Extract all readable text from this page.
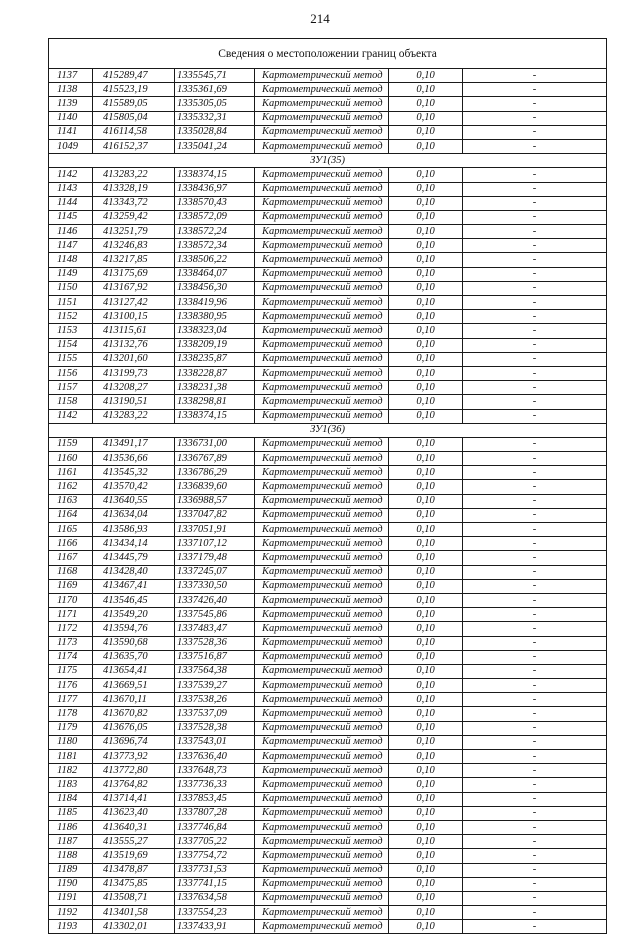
214
Сведения о местоположении границ объекта					
1137	415289,47	1335545,71	Картометрический метод	0,10	-
1138	415523,19	1335361,69	Картометрический метод	0,10	-
1139	415589,05	1335305,05	Картометрический метод	0,10	-
1140	415805,04	1335332,31	Картометрический метод	0,10	-
1141	416114,58	1335028,84	Картометрический метод	0,10	-
1049	416152,37	1335041,24	Картометрический метод	0,10	-
ЗУ1(35)					
1142	413283,22	1338374,15	Картометрический метод	0,10	-
1143	413328,19	1338436,97	Картометрический метод	0,10	-
1144	413343,72	1338570,43	Картометрический метод	0,10	-
1145	413259,42	1338572,09	Картометрический метод	0,10	-
1146	413251,79	1338572,24	Картометрический метод	0,10	-
1147	413246,83	1338572,34	Картометрический метод	0,10	-
1148	413217,85	1338506,22	Картометрический метод	0,10	-
1149	413175,69	1338464,07	Картометрический метод	0,10	-
1150	413167,92	1338456,30	Картометрический метод	0,10	-
1151	413127,42	1338419,96	Картометрический метод	0,10	-
1152	413100,15	1338380,95	Картометрический метод	0,10	-
1153	413115,61	1338323,04	Картометрический метод	0,10	-
1154	413132,76	1338209,19	Картометрический метод	0,10	-
1155	413201,60	1338235,87	Картометрический метод	0,10	-
1156	413199,73	1338228,87	Картометрический метод	0,10	-
1157	413208,27	1338231,38	Картометрический метод	0,10	-
1158	413190,51	1338298,81	Картометрический метод	0,10	-
1142	413283,22	1338374,15	Картометрический метод	0,10	-
ЗУ1(36)					
1159	413491,17	1336731,00	Картометрический метод	0,10	-
1160	413536,66	1336767,89	Картометрический метод	0,10	-
1161	413545,32	1336786,29	Картометрический метод	0,10	-
1162	413570,42	1336839,60	Картометрический метод	0,10	-
1163	413640,55	1336988,57	Картометрический метод	0,10	-
1164	413634,04	1337047,82	Картометрический метод	0,10	-
1165	413586,93	1337051,91	Картометрический метод	0,10	-
1166	413434,14	1337107,12	Картометрический метод	0,10	-
1167	413445,79	1337179,48	Картометрический метод	0,10	-
1168	413428,40	1337245,07	Картометрический метод	0,10	-
1169	413467,41	1337330,50	Картометрический метод	0,10	-
1170	413546,45	1337426,40	Картометрический метод	0,10	-
1171	413549,20	1337545,86	Картометрический метод	0,10	-
1172	413594,76	1337483,47	Картометрический метод	0,10	-
1173	413590,68	1337528,36	Картометрический метод	0,10	-
1174	413635,70	1337516,87	Картометрический метод	0,10	-
1175	413654,41	1337564,38	Картометрический метод	0,10	-
1176	413669,51	1337539,27	Картометрический метод	0,10	-
1177	413670,11	1337538,26	Картометрический метод	0,10	-
1178	413670,82	1337537,09	Картометрический метод	0,10	-
1179	413676,05	1337528,38	Картометрический метод	0,10	-
1180	413696,74	1337543,01	Картометрический метод	0,10	-
1181	413773,92	1337636,40	Картометрический метод	0,10	-
1182	413772,80	1337648,73	Картометрический метод	0,10	-
1183	413764,82	1337736,33	Картометрический метод	0,10	-
1184	413714,41	1337853,45	Картометрический метод	0,10	-
1185	413623,40	1337807,28	Картометрический метод	0,10	-
1186	413640,31	1337746,84	Картометрический метод	0,10	-
1187	413555,27	1337705,22	Картометрический метод	0,10	-
1188	413519,69	1337754,72	Картометрический метод	0,10	-
1189	413478,87	1337731,53	Картометрический метод	0,10	-
1190	413475,85	1337741,15	Картометрический метод	0,10	-
1191	413508,71	1337634,58	Картометрический метод	0,10	-
1192	413401,58	1337554,23	Картометрический метод	0,10	-
1193	413302,01	1337433,91	Картометрический метод	0,10	-
